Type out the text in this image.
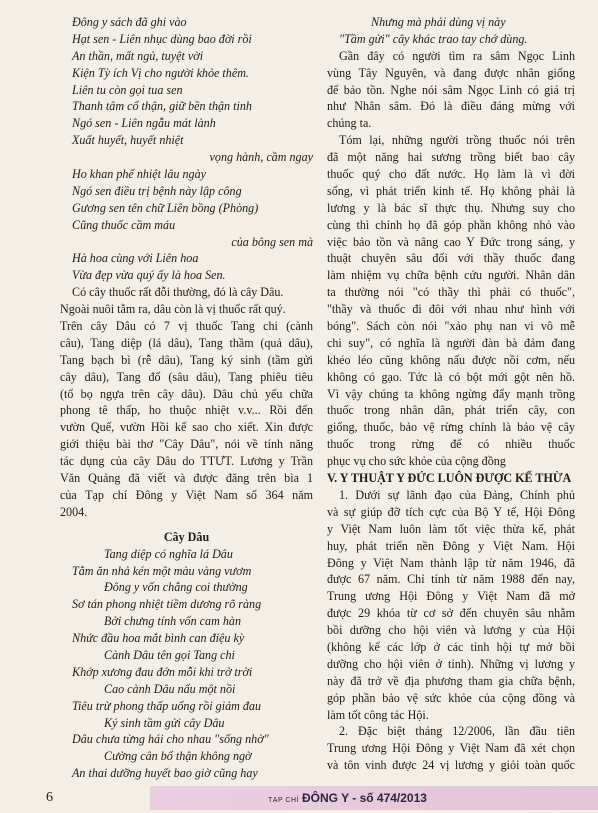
Đông y sách đã ghi vào
Hạt sen - Liên nhục dùng bao đời rồi
An thần, mất ngủ, tuyệt vời
Kiện Tỳ ích Vị cho người khỏe thêm.
Liên tu còn gọi tua sen
Thanh tâm cố thận, giữ bền thận tinh
Ngó sen - Liên ngẫu mát lành
Xuất huyết, huyết nhiệt
vọng hành, cầm ngay
Ho khan phế nhiệt lâu ngày
Ngó sen điều trị bệnh này lập công
Gương sen tên chữ Liên bồng (Phòng)
Cũng thuốc cầm máu
của bông sen mà
Hà hoa cùng với Liên hoa
Vừa đẹp vừa quý ấy là hoa Sen.
Có cây thuốc rất đỗi thường, đó là cây Dâu.
Ngoài nuôi tằm ra, dâu còn là vị thuốc rất quý.
Trên cây Dâu có 7 vị thuốc Tang chi (cành
câu), Tang diệp (lá dâu), Tang thầm (quả dâu),
Tang bạch bì (rễ dâu), Tang ký sinh (tầm gửi
cây dâu), Tang đố (sâu dâu), Tang phiêu tiêu
(tổ bọ ngựa trên cây dâu). Dâu chủ yếu chữa
phong tê thấp, ho thuộc nhiệt v.v... Rồi đến
vườn Quế, vườn Hồi kể sao cho xiết. Xin được
giới thiệu bài thơ "Cây Dâu", nói về tính năng
tác dụng của cây Dâu do TTƯT. Lương y Trần
Văn Quảng đã viết và được đăng trên bìa 1
của Tạp chí Đông y Việt Nam số 364 năm
2004.
Cây Dâu
Tang diệp có nghĩa lá Dâu
Tằm ăn nhả kén một màu vàng vươm
Đông y vốn chẳng coi thường
Sơ tán phong nhiệt tiềm dương rõ ràng
Bởi chưng tính vốn cam hàn
Nhức đầu hoa mắt bình can điệu kỳ
Cành Dâu tên gọi Tang chi
Khớp xương đau đớn mỗi khi trở trời
Cao cành Dâu nấu một nồi
Tiêu trừ phong thấp uống rồi giảm đau
Ký sinh tầm gửi cây Dâu
Dâu chưa từng hái cho nhau "sống nhờ"
Cường cân bổ thận không ngờ
An thai dưỡng huyết bao giờ cũng hay
Nhưng mà phải dùng vị này
"Tầm gửi" cây khác trao tay chớ dùng.
Gần đây có người tìm ra sâm Ngọc Linh
vùng Tây Nguyên, và đang được nhân giống
để bảo tồn. Nghe nói sâm Ngọc Linh có giá trị
như Nhân sâm. Đó là điều đáng mừng với
chúng ta.
Tóm lại, những người trồng thuốc nói trên
đã một năng hai sương trồng biết bao cây
thuốc quý cho đất nước. Họ làm là vì đời
sống, vì phát triển kinh tế. Họ không phải là
lương y là bác sĩ thực thụ. Nhưng suy cho
cùng thì chính họ đã góp phần không nhỏ vào
việc bảo tồn và nâng cao Y Đức trong sáng, y
thuật chuyên sâu đối với thầy thuốc đang
làm nhiệm vụ chữa bệnh cứu người. Nhân dân
ta thường nói "có thầy thì phải có thuốc",
"thầy và thuốc đi đôi với nhau như hình với
bóng". Sách còn nói "xảo phụ nan vi vô mễ
chi suy", có nghĩa là người đàn bà đảm đang
khéo léo cũng không nấu được nồi cơm, nếu
không có gạo. Tức là có bột mới gột nên hồ.
Vì vậy chúng ta không ngừng đẩy mạnh trồng
thuốc trong nhân dân, phát triển cây, con
giống, thuốc, bảo vệ rừng chính là bảo vệ cây
thuốc trong rừng để có nhiều thuốc
phục vụ cho sức khỏe của cộng đồng
V. Y THUẬT Y ĐỨC LUÔN ĐƯỢC KẾ THỪA
1. Dưới sự lãnh đạo của Đảng, Chính phủ
và sự giúp đỡ tích cực của Bộ Y tế, Hội Đông
y Việt Nam luôn làm tốt việc thừa kế, phát
huy, phát triển nền Đông y Việt Nam. Hội
Đông y Việt Nam thành lập từ năm 1946, đã
được 67 năm. Chỉ tính từ năm 1988 đến nay,
Trung ương Hội Đông y Việt Nam đã mở
được 29 khóa từ cơ sở đến chuyên sâu nhằm
bồi dưỡng cho hội viên và lương y của Hội
(không kể các lớp ở các tỉnh hội tự mở bồi
dưỡng cho hội viên ở tỉnh). Những vị lương y
này đã trở về địa phương tham gia chữa bệnh,
góp phần bảo vệ sức khỏe của cộng đồng và
làm tốt công tác Hội.
2. Đặc biệt tháng 12/2006, lần đầu tiên
Trung ương Hội Đông y Việt Nam đã xét chọn
và tôn vinh được 24 vị lương y giỏi toàn quốc
6	TẠP CHÍ ĐÔNG Y - số 474/2013
